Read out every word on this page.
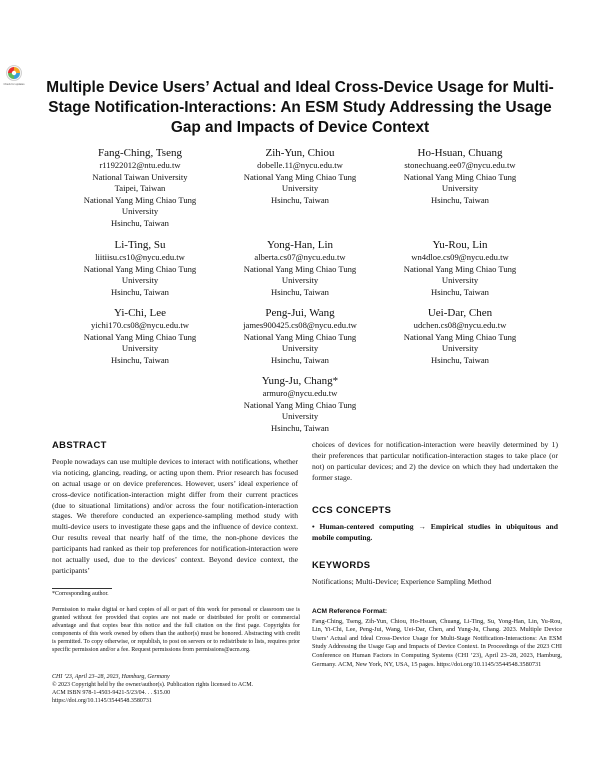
Check for updates	Multiple Device Users’ Actual and Ideal Cross-Device Usage for Multi-Stage Notification-Interactions: An ESM Study Addressing the Usage Gap and Impacts of Device Context
Fang-Ching, Tseng
r11922012@ntu.edu.tw
National Taiwan University
Taipei, Taiwan
National Yang Ming Chiao Tung
University
Hsinchu, Taiwan
Zih-Yun, Chiou
dobelle.11@nycu.edu.tw
National Yang Ming Chiao Tung
University
Hsinchu, Taiwan
Ho-Hsuan, Chuang
stonechuang.ee07@nycu.edu.tw
National Yang Ming Chiao Tung
University
Hsinchu, Taiwan
Li-Ting, Su
liitiisu.cs10@nycu.edu.tw
National Yang Ming Chiao Tung
University
Hsinchu, Taiwan
Yong-Han, Lin
alberta.cs07@nycu.edu.tw
National Yang Ming Chiao Tung
University
Hsinchu, Taiwan
Yu-Rou, Lin
wn4dloe.cs09@nycu.edu.tw
National Yang Ming Chiao Tung
University
Hsinchu, Taiwan
Yi-Chi, Lee
yichi170.cs08@nycu.edu.tw
National Yang Ming Chiao Tung
University
Hsinchu, Taiwan
Peng-Jui, Wang
james900425.cs08@nycu.edu.tw
National Yang Ming Chiao Tung
University
Hsinchu, Taiwan
Uei-Dar, Chen
udchen.cs08@nycu.edu.tw
National Yang Ming Chiao Tung
University
Hsinchu, Taiwan
Yung-Ju, Chang*
armuro@nycu.edu.tw
National Yang Ming Chiao Tung
University
Hsinchu, Taiwan
ABSTRACT

People nowadays can use multiple devices to interact with notifications, whether via noticing, glancing, reading, or acting upon them. Prior research has focused on actual usage or on device preferences. However, users’ ideal experience of cross-device notification-interaction might differ from their current practices (due to situational limitations) and/or across the four notification-interaction stages. We therefore conducted an experience-sampling method study with multi-device users to investigate these gaps and the influence of device context. Our results reveal that nearly half of the time, the non-phone devices the participants had ranked as their top preferences for notification-interaction were not actually used, due to the devices’ context. Beyond device context, the participants’

*Corresponding author.
Permission to make digital or hard copies of all or part of this work for personal or classroom use is granted without fee provided that copies are not made or distributed for profit or commercial advantage and that copies bear this notice and the full citation on the first page. Copyrights for components of this work owned by others than the author(s) must be honored. Abstracting with credit is permitted. To copy otherwise, or republish, to post on servers or to redistribute to lists, requires prior specific permission and/or a fee. Request permissions from permissions@acm.org.
CHI ’23, April 23–28, 2023, Hamburg, Germany
© 2023 Copyright held by the owner/author(s). Publication rights licensed to ACM.
ACM ISBN 978-1-4503-9421-5/23/04. . . $15.00
https://doi.org/10.1145/3544548.3580731

choices of devices for notification-interaction were heavily determined by 1) their preferences that particular notification-interaction stages to take place (or not) on particular devices; and 2) the device on which they had undertaken the former stage.

CCS CONCEPTS

• Human-centered computing → Empirical studies in ubiquitous and mobile computing.

KEYWORDS

Notifications; Multi-Device; Experience Sampling Method

ACM Reference Format:

Fang-Ching, Tseng, Zih-Yun, Chiou, Ho-Hsuan, Chuang, Li-Ting, Su, Yong-Han, Lin, Yu-Rou, Lin, Yi-Chi, Lee, Peng-Jui, Wang, Uei-Dar, Chen, and Yung-Ju, Chang. 2023. Multiple Device Users’ Actual and Ideal Cross-Device Usage for Multi-Stage Notification-Interactions: An ESM Study Addressing the Usage Gap and Impacts of Device Context. In Proceedings of the 2023 CHI Conference on Human Factors in Computing Systems (CHI ’23), April 23–28, 2023, Hamburg, Germany. ACM, New York, NY, USA, 15 pages. https://doi.org/10.1145/3544548.3580731
